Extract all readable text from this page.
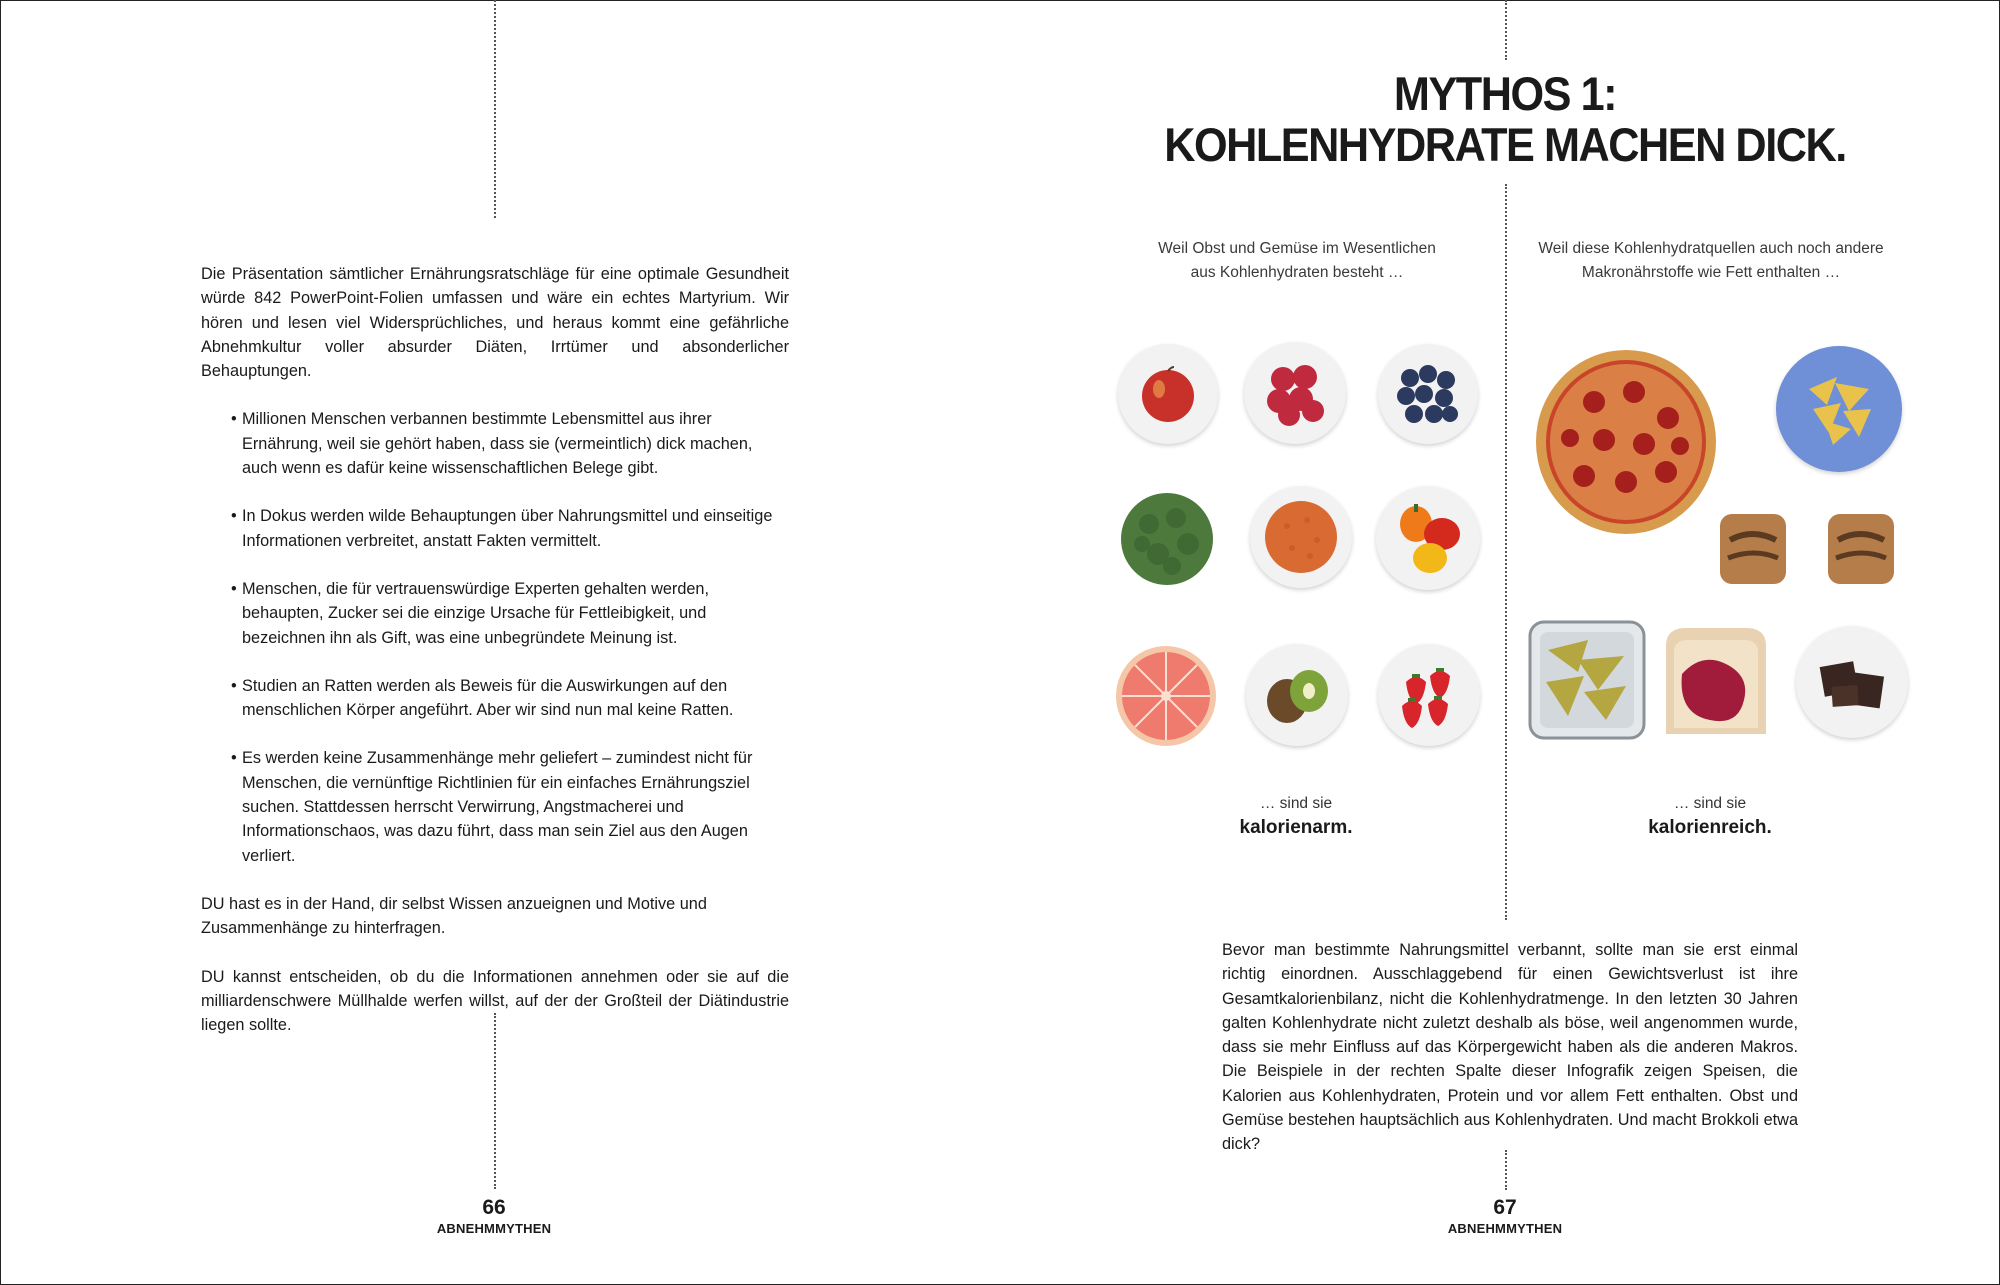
Die Präsentation sämtlicher Ernährungsratschläge für eine optimale Gesundheit würde 842 PowerPoint-Folien umfassen und wäre ein echtes Martyrium. Wir hören und lesen viel Widersprüchliches, und heraus kommt eine gefährliche Abnehmkultur voller absurder Diäten, Irrtümer und absonderlicher Behauptungen.

• Millionen Menschen verbannen bestimmte Lebensmittel aus ihrer Ernährung, weil sie gehört haben, dass sie (vermeintlich) dick machen, auch wenn es dafür keine wissenschaftlichen Belege gibt.
• In Dokus werden wilde Behauptungen über Nahrungsmittel und einseitige Informationen verbreitet, anstatt Fakten vermittelt.
• Menschen, die für vertrauenswürdige Experten gehalten werden, behaupten, Zucker sei die einzige Ursache für Fettleibigkeit, und bezeichnen ihn als Gift, was eine unbegründete Meinung ist.
• Studien an Ratten werden als Beweis für die Auswirkungen auf den menschlichen Körper angeführt. Aber wir sind nun mal keine Ratten.
• Es werden keine Zusammenhänge mehr geliefert – zumindest nicht für Menschen, die vernünftige Richtlinien für ein einfaches Ernährungsziel suchen. Stattdessen herrscht Verwirrung, Angstmacherei und Informationschaos, was dazu führt, dass man sein Ziel aus den Augen verliert.

DU hast es in der Hand, dir selbst Wissen anzueignen und Motive und Zusammenhänge zu hinterfragen.

DU kannst entscheiden, ob du die Informationen annehmen oder sie auf die milliardenschwere Müllhalde werfen willst, auf der der Großteil der Diätindustrie liegen sollte.

66
ABNEHMMYTHEN
MYTHOS 1:
KOHLENHYDRATE MACHEN DICK.
Weil Obst und Gemüse im Wesentlichen
aus Kohlenhydraten besteht …
Weil diese Kohlenhydratquellen auch noch andere
Makronährstoffe wie Fett enthalten …
… sind sie
kalorienarm.
… sind sie
kalorienreich.
Bevor man bestimmte Nahrungsmittel verbannt, sollte man sie erst einmal richtig einordnen. Ausschlaggebend für einen Gewichtsverlust ist ihre Gesamtkalorienbilanz, nicht die Kohlenhydratmenge. In den letzten 30 Jahren galten Kohlenhydrate nicht zuletzt deshalb als böse, weil angenommen wurde, dass sie mehr Einfluss auf das Körpergewicht haben als die anderen Makros. Die Beispiele in der rechten Spalte dieser Infografik zeigen Speisen, die Kalorien aus Kohlenhydraten, Protein und vor allem Fett enthalten. Obst und Gemüse bestehen hauptsächlich aus Kohlenhydraten. Und macht Brokkoli etwa dick?
67
ABNEHMMYTHEN
